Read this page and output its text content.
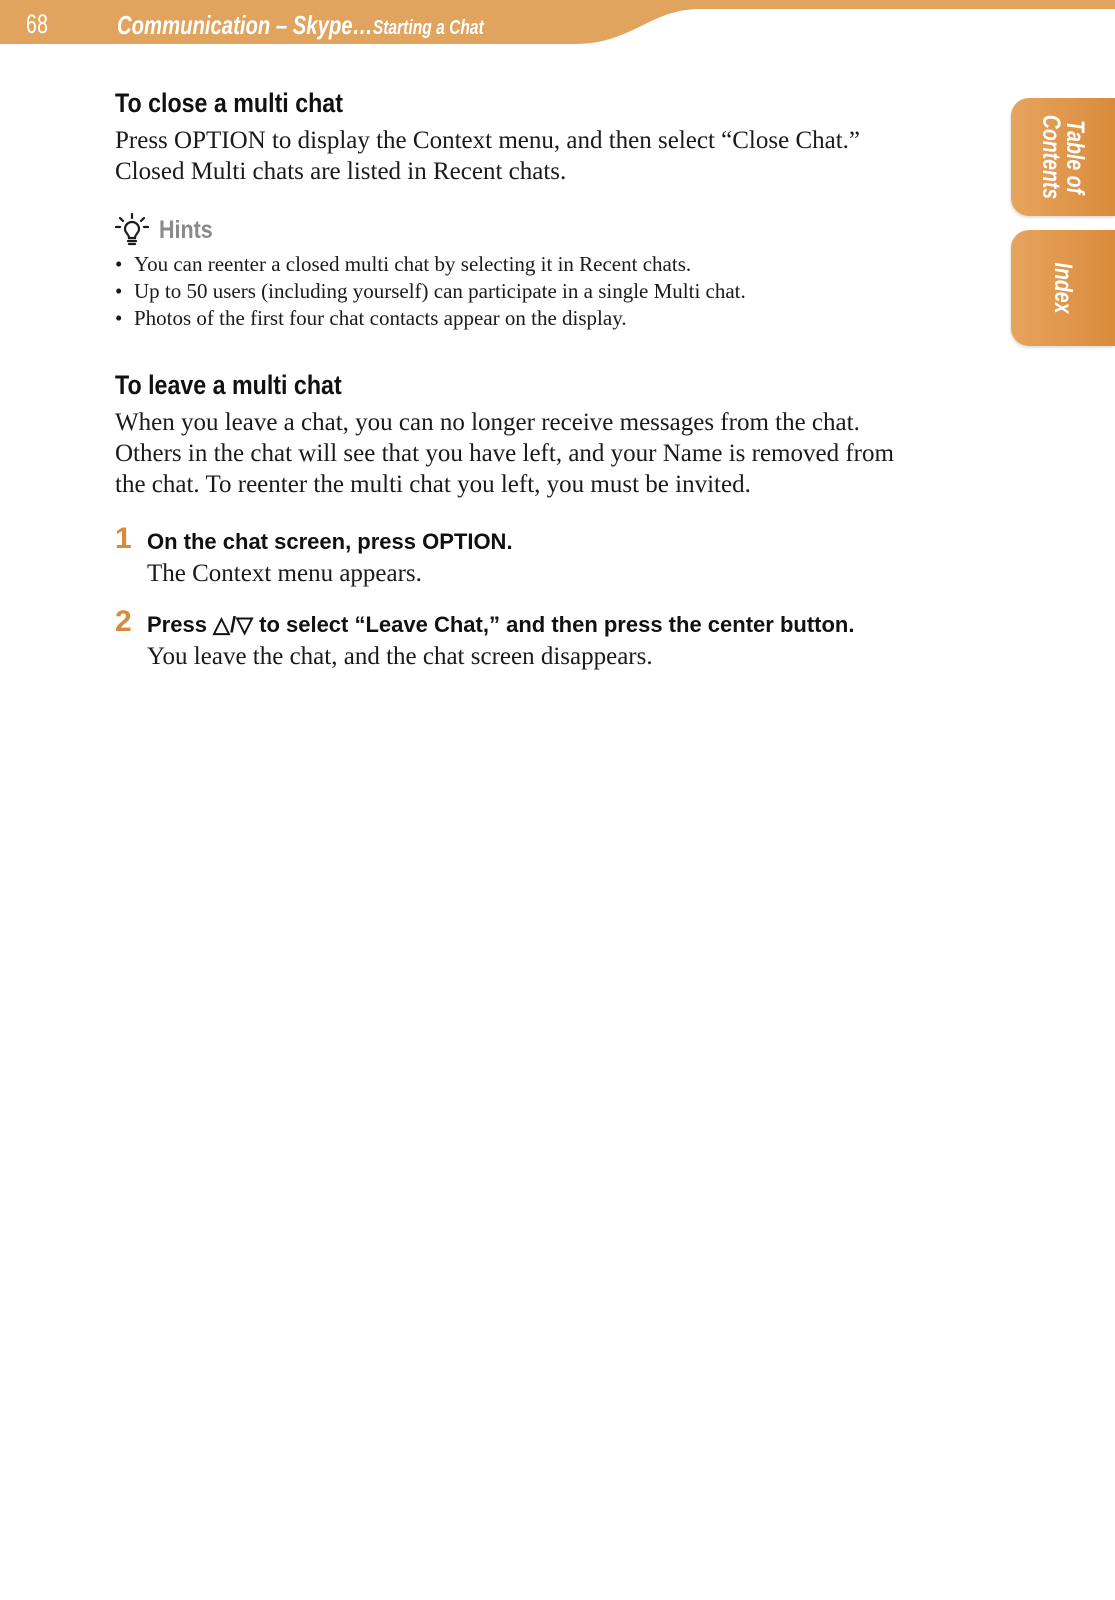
68	Communication – Skype…Starting a Chat
Table of
Contents
Index
To close a multi chat

Press OPTION to display the Context menu, and then select “Close Chat.”
Closed Multi chats are listed in Recent chats.

Hints
• You can reenter a closed multi chat by selecting it in Recent chats.
• Up to 50 users (including yourself) can participate in a single Multi chat.
• Photos of the first four chat contacts appear on the display.
To leave a multi chat

When you leave a chat, you can no longer receive messages from the chat.
Others in the chat will see that you have left, and your Name is removed from
the chat. To reenter the multi chat you left, you must be invited.

1 On the chat screen, press OPTION.
The Context menu appears.
2 Press △/▽ to select “Leave Chat,” and then press the center button.
You leave the chat, and the chat screen disappears.
